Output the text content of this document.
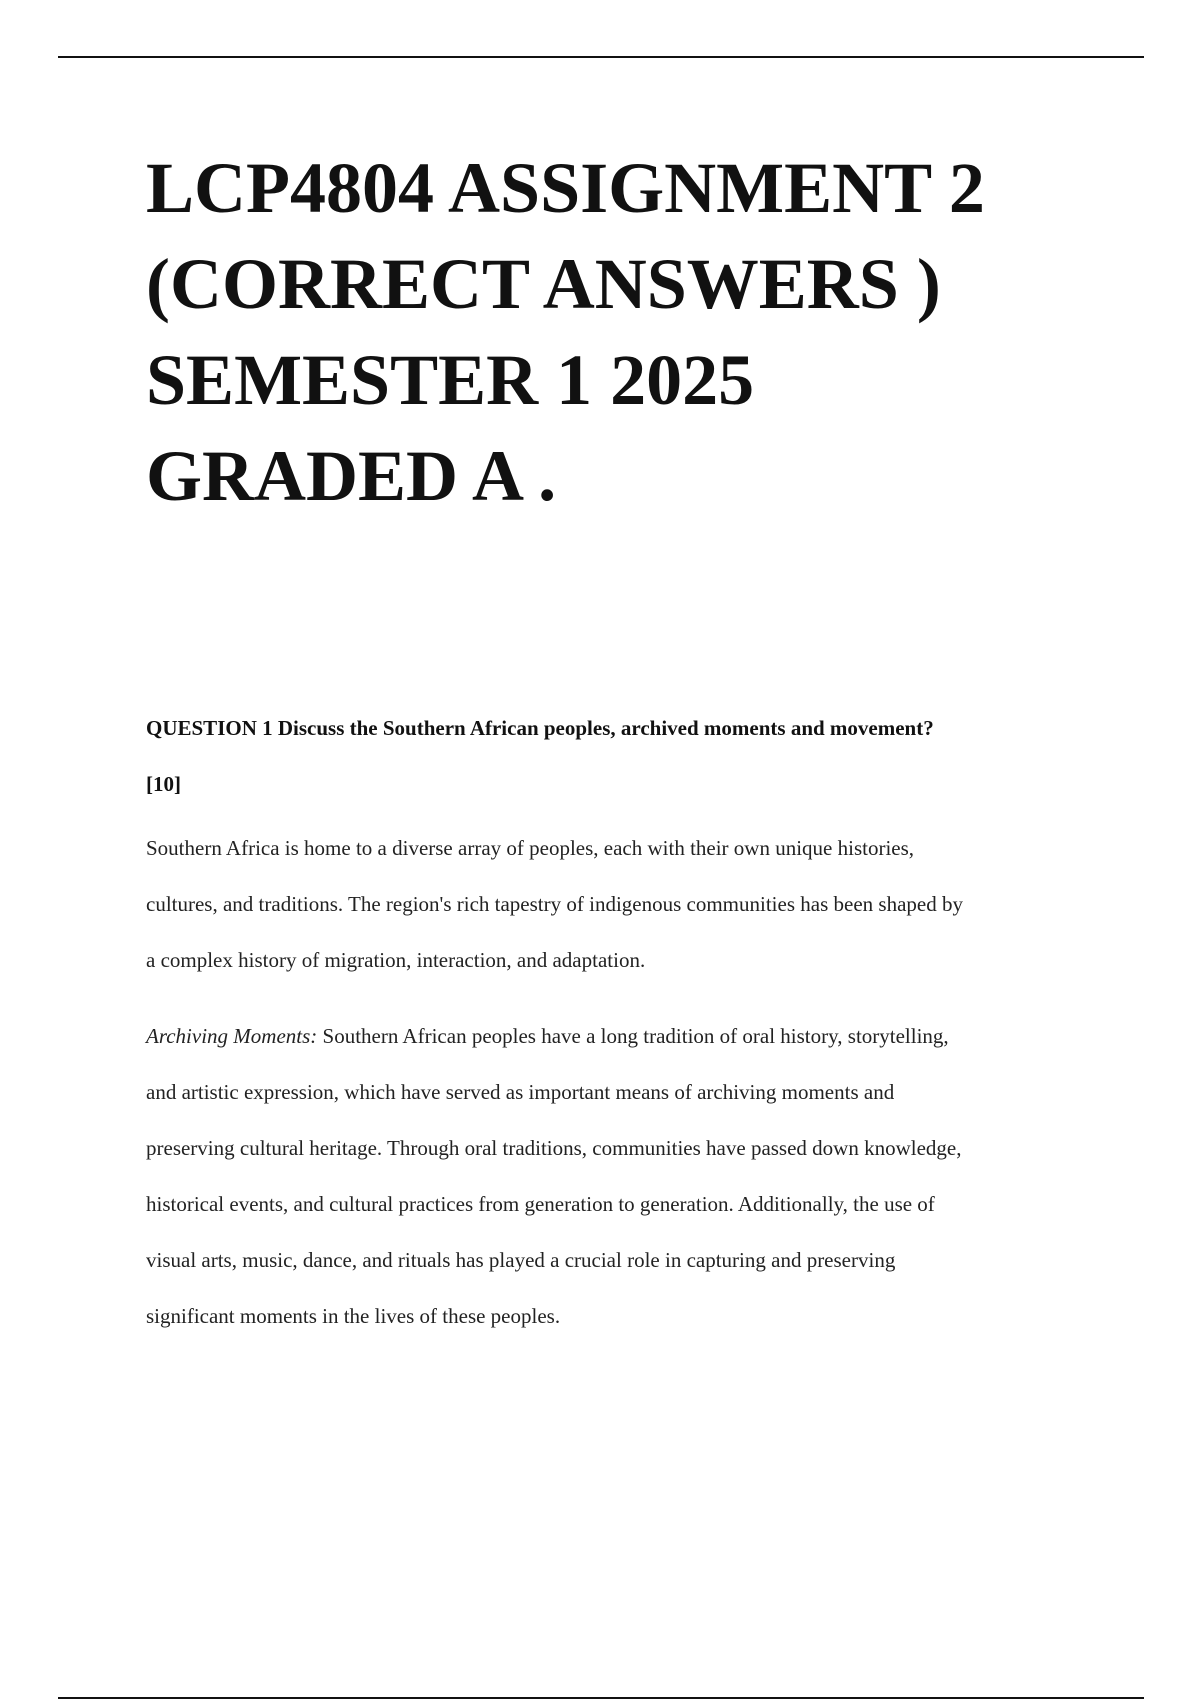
LCP4804 ASSIGNMENT 2
(CORRECT ANSWERS )
SEMESTER 1 2025
GRADED A .
QUESTION 1 Discuss the Southern African peoples, archived moments and movement?
[10]
Southern Africa is home to a diverse array of peoples, each with their own unique histories,
cultures, and traditions. The region's rich tapestry of indigenous communities has been shaped by
a complex history of migration, interaction, and adaptation.
Archiving Moments: Southern African peoples have a long tradition of oral history, storytelling,
and artistic expression, which have served as important means of archiving moments and
preserving cultural heritage. Through oral traditions, communities have passed down knowledge,
historical events, and cultural practices from generation to generation. Additionally, the use of
visual arts, music, dance, and rituals has played a crucial role in capturing and preserving
significant moments in the lives of these peoples.
